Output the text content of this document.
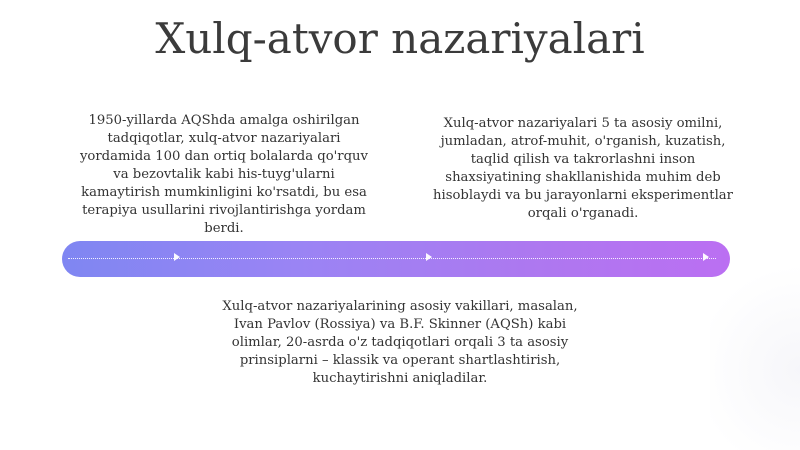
Xulq-atvor nazariyalari
1950-yillarda AQShda amalga oshirilgan tadqiqotlar, xulq-atvor nazariyalari yordamida 100 dan ortiq bolalarda qo'rquv va bezovtalik kabi his-tuyg'ularni kamaytirish mumkinligini ko'rsatdi, bu esa terapiya usullarini rivojlantirishga yordam berdi.
Xulq-atvor nazariyalari 5 ta asosiy omilni, jumladan, atrof-muhit, o'rganish, kuzatish, taqlid qilish va takrorlashni inson shaxsiyatining shakllanishida muhim deb hisoblaydi va bu jarayonlarni eksperimentlar orqali o'rganadi.
Xulq-atvor nazariyalarining asosiy vakillari, masalan, Ivan Pavlov (Rossiya) va B.F. Skinner (AQSh) kabi olimlar, 20-asrda o'z tadqiqotlari orqali 3 ta asosiy prinsiplarni – klassik va operant shartlashtirish, kuchaytirishni aniqladilar.
